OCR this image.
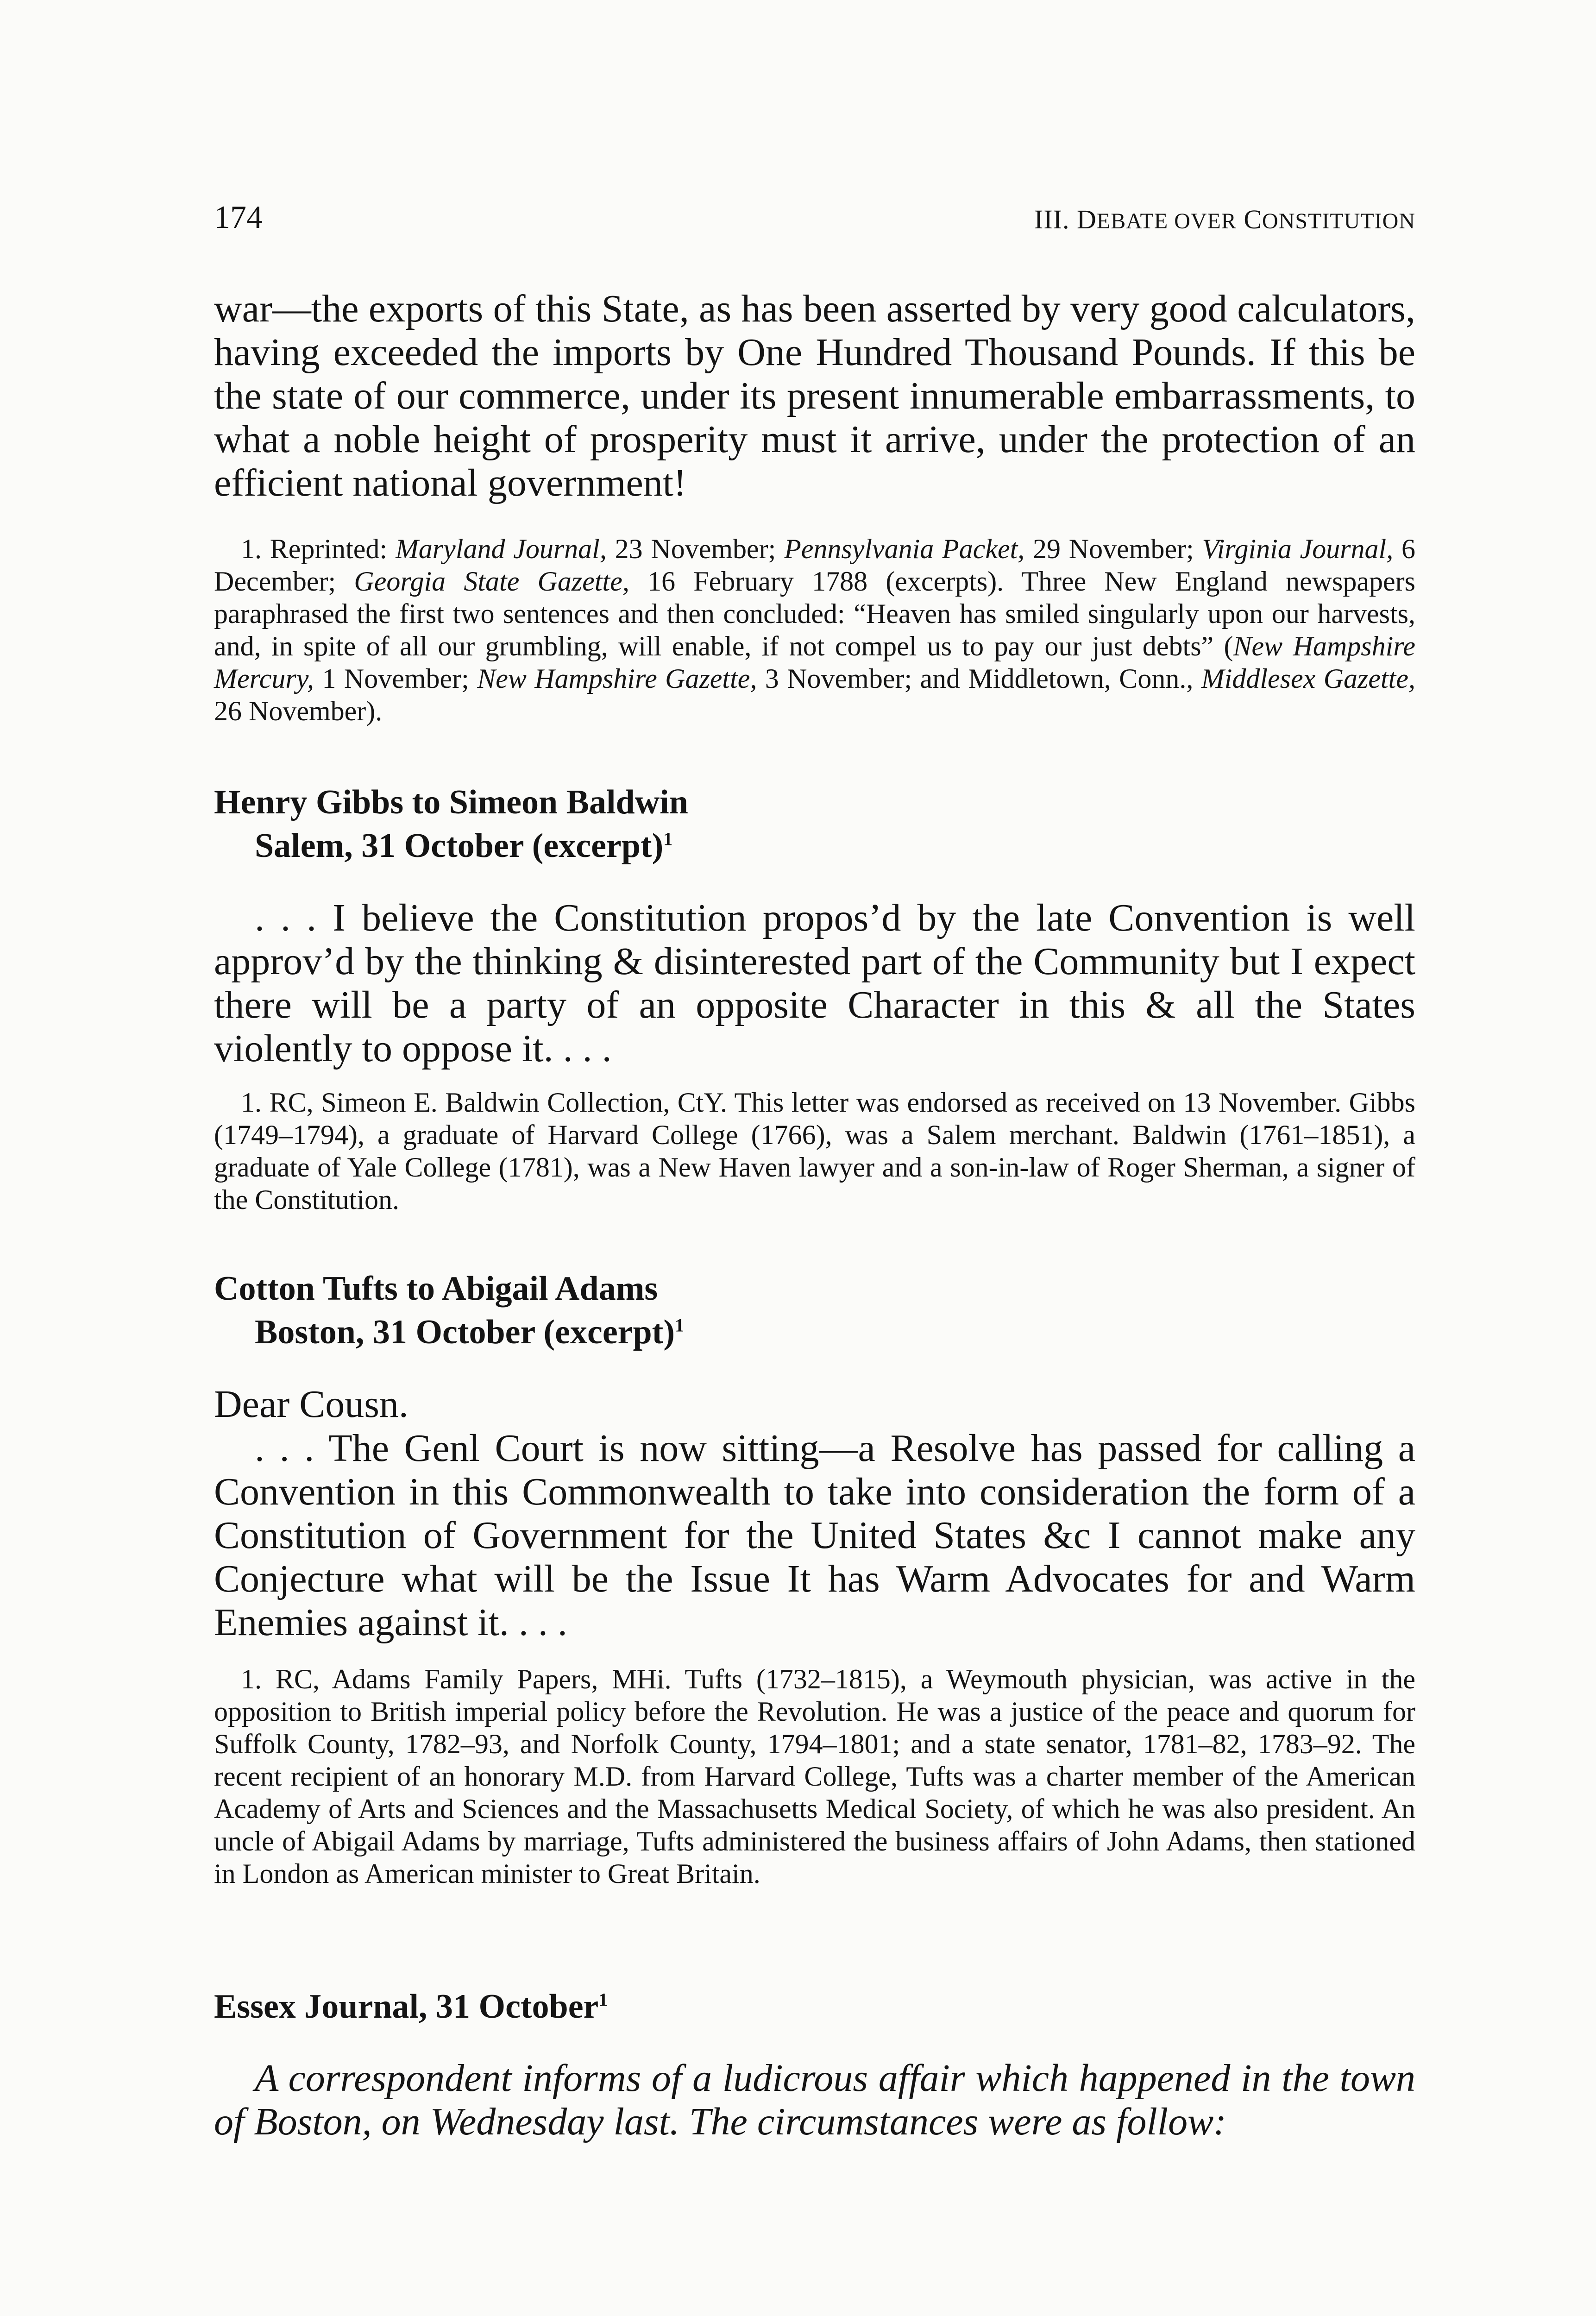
174	III. DEBATE OVER CONSTITUTION

war—the exports of this State, as has been asserted by very good calculators, having exceeded the imports by One Hundred Thousand Pounds. If this be the state of our commerce, under its present innumerable embarrassments, to what a noble height of prosperity must it arrive, under the protection of an efficient national government!

1. Reprinted: Maryland Journal, 23 November; Pennsylvania Packet, 29 November; Virginia Journal, 6 December; Georgia State Gazette, 16 February 1788 (excerpts). Three New England newspapers paraphrased the first two sentences and then concluded: “Heaven has smiled singularly upon our harvests, and, in spite of all our grumbling, will enable, if not compel us to pay our just debts” (New Hampshire Mercury, 1 November; New Hampshire Gazette, 3 November; and Middletown, Conn., Middlesex Gazette, 26 November).

Henry Gibbs to Simeon Baldwin
Salem, 31 October (excerpt)$^1$

. . . I believe the Constitution propos’d by the late Convention is well approv’d by the thinking & disinterested part of the Community but I expect there will be a party of an opposite Character in this & all the States violently to oppose it. . . .

1. RC, Simeon E. Baldwin Collection, CtY. This letter was endorsed as received on 13 November. Gibbs (1749–1794), a graduate of Harvard College (1766), was a Salem merchant. Baldwin (1761–1851), a graduate of Yale College (1781), was a New Haven lawyer and a son-in-law of Roger Sherman, a signer of the Constitution.

Cotton Tufts to Abigail Adams
Boston, 31 October (excerpt)$^1$

Dear Cousn.

. . . The Genl Court is now sitting—a Resolve has passed for calling a Convention in this Commonwealth to take into consideration the form of a Constitution of Government for the United States &c I cannot make any Conjecture what will be the Issue It has Warm Advocates for and Warm Enemies against it. . . .

1. RC, Adams Family Papers, MHi. Tufts (1732–1815), a Weymouth physician, was active in the opposition to British imperial policy before the Revolution. He was a justice of the peace and quorum for Suffolk County, 1782–93, and Norfolk County, 1794–1801; and a state senator, 1781–82, 1783–92. The recent recipient of an honorary M.D. from Harvard College, Tufts was a charter member of the American Academy of Arts and Sciences and the Massachusetts Medical Society, of which he was also president. An uncle of Abigail Adams by marriage, Tufts administered the business affairs of John Adams, then stationed in London as American minister to Great Britain.

Essex Journal, 31 October$^1$

A correspondent informs of a ludicrous affair which happened in the town of Boston, on Wednesday last. The circumstances were as follow:
